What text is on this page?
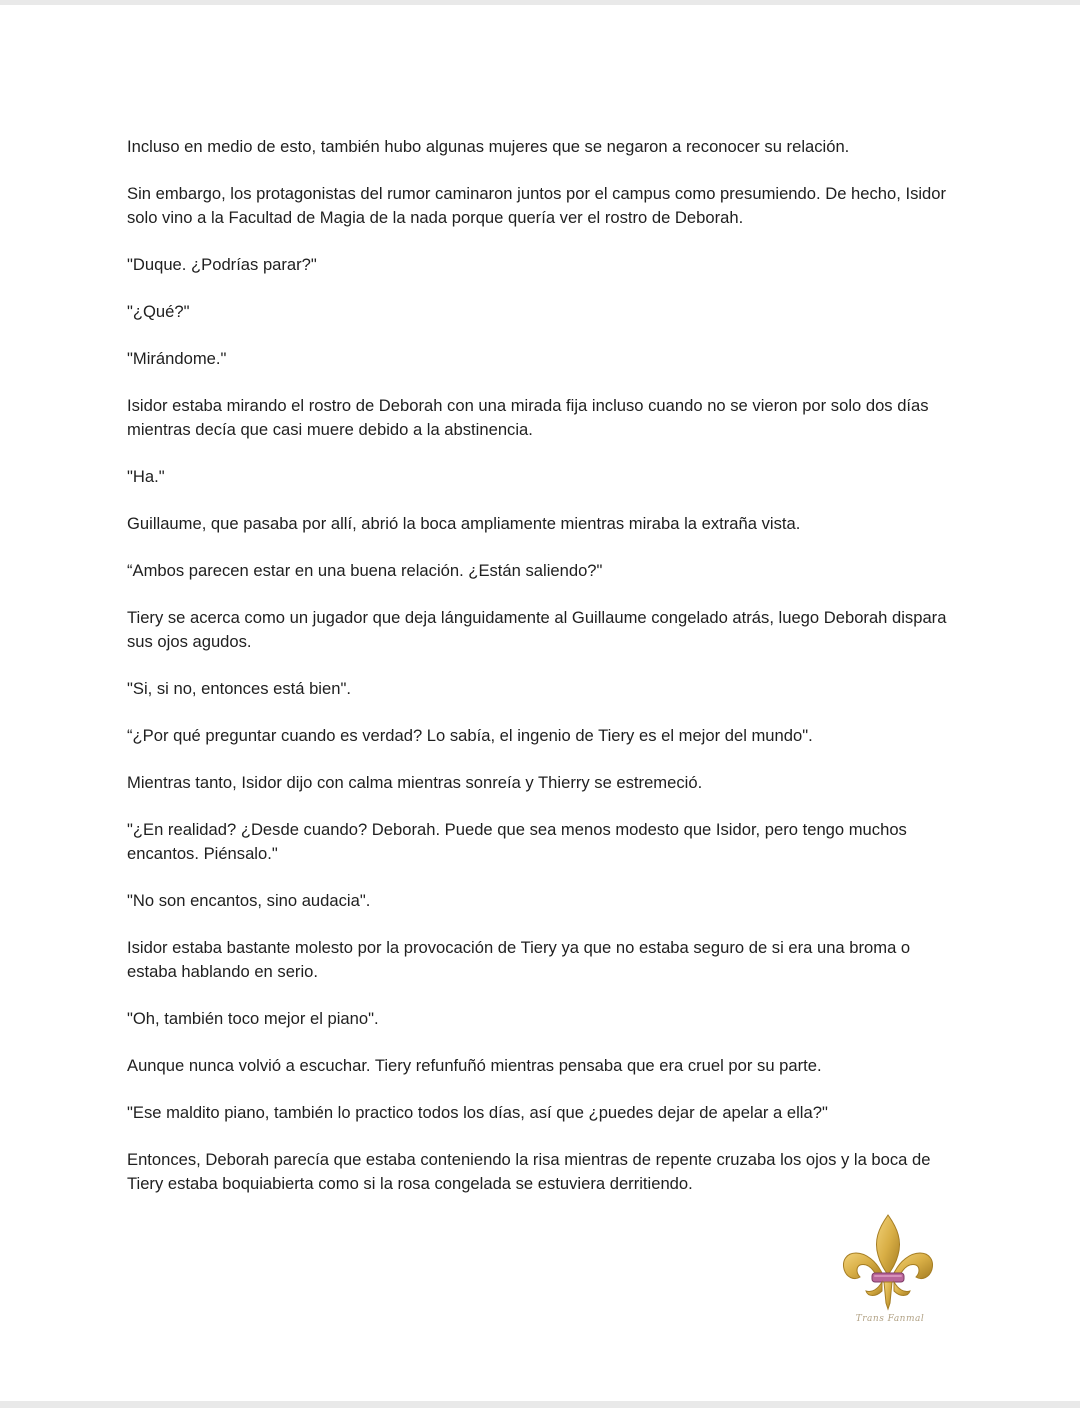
Incluso en medio de esto, también hubo algunas mujeres que se negaron a reconocer su relación.

Sin embargo, los protagonistas del rumor caminaron juntos por el campus como presumiendo. De hecho, Isidor solo vino a la Facultad de Magia de la nada porque quería ver el rostro de Deborah.

"Duque. ¿Podrías parar?"

"¿Qué?"

"Mirándome."

Isidor estaba mirando el rostro de Deborah con una mirada fija incluso cuando no se vieron por solo dos días mientras decía que casi muere debido a la abstinencia.

"Ha."

Guillaume, que pasaba por allí, abrió la boca ampliamente mientras miraba la extraña vista.

“Ambos parecen estar en una buena relación. ¿Están saliendo?"

Tiery se acerca como un jugador que deja lánguidamente al Guillaume congelado atrás, luego Deborah dispara sus ojos agudos.

"Si, si no, entonces está bien".

“¿Por qué preguntar cuando es verdad? Lo sabía, el ingenio de Tiery es el mejor del mundo".

Mientras tanto, Isidor dijo con calma mientras sonreía y Thierry se estremeció.

"¿En realidad? ¿Desde cuando? Deborah. Puede que sea menos modesto que Isidor, pero tengo muchos encantos. Piénsalo."

"No son encantos, sino audacia".

Isidor estaba bastante molesto por la provocación de Tiery ya que no estaba seguro de si era una broma o estaba hablando en serio.

"Oh, también toco mejor el piano".

Aunque nunca volvió a escuchar. Tiery refunfuñó mientras pensaba que era cruel por su parte.

"Ese maldito piano, también lo practico todos los días, así que ¿puedes dejar de apelar a ella?"

Entonces, Deborah parecía que estaba conteniendo la risa mientras de repente cruzaba los ojos y la boca de Tiery estaba boquiabierta como si la rosa congelada se estuviera derritiendo.

Trans Fanmal
